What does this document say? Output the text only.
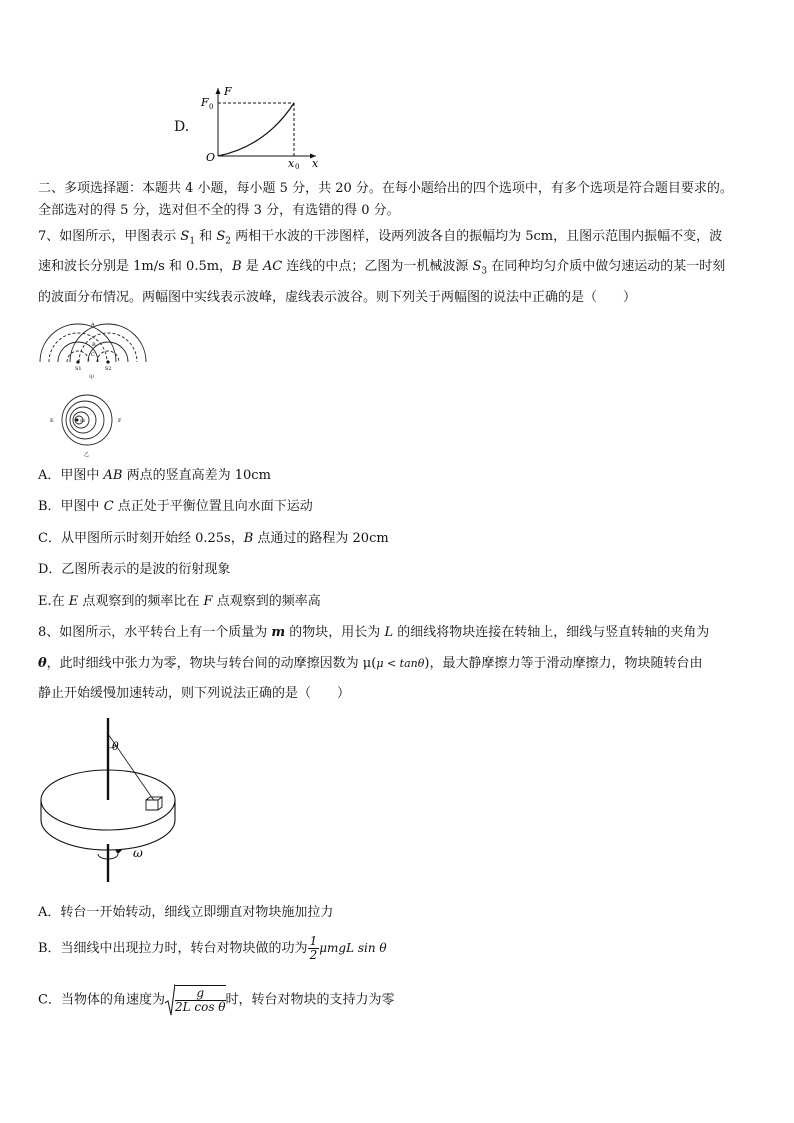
D.
F
F 0
O	x 0 x
二、多项选择题：本题共 4 小题，每小题 5 分，共 20 分。在每小题给出的四个选项中，有多个选项是符合题目要求的。
全部选对的得 5 分，选对但不全的得 3 分，有选错的得 0 分。
7、如图所示，甲图表示 $S_1$ 和 $S_2$ 两相干水波的干涉图样，设两列波各自的振幅均为 5cm，且图示范围内振幅不变，波
速和波长分别是 1m/s 和 0.5m，B 是 AC 连线的中点；乙图为一机械波源 $S_3$ 在同种均匀介质中做匀速运动的某一时刻
的波面分布情况。两幅图中实线表示波峰，虚线表示波谷。则下列关于两幅图的说法中正确的是（　　）
A
B
C
S1	S2
甲
E	F
S3
乙
A．甲图中 AB 两点的竖直高差为 10cm
B．甲图中 C 点正处于平衡位置且向水面下运动
C．从甲图所示时刻开始经 0.25s，B 点通过的路程为 20cm
D．乙图所表示的是波的衍射现象
E.在 E 点观察到的频率比在 F 点观察到的频率高
8、如图所示，水平转台上有一个质量为 m 的物块，用长为 L 的细线将物块连接在转轴上，细线与竖直转轴的夹角为
θ，此时细线中张力为零，物块与转台间的动摩擦因数为 μ(μ < tanθ)，最大静摩擦力等于滑动摩擦力，物块随转台由
静止开始缓慢加速转动，则下列说法正确的是（　　）
θ
ω
A．转台一开始转动，细线立即绷直对物块施加拉力
B．当细线中出现拉力时，转台对物块做的功为 $\frac{1}{2}$ μmgL sin θ
C．当物体的角速度为 $\frac{g}{\text{2L cos θ}}$ 时，转台对物块的支持力为零
